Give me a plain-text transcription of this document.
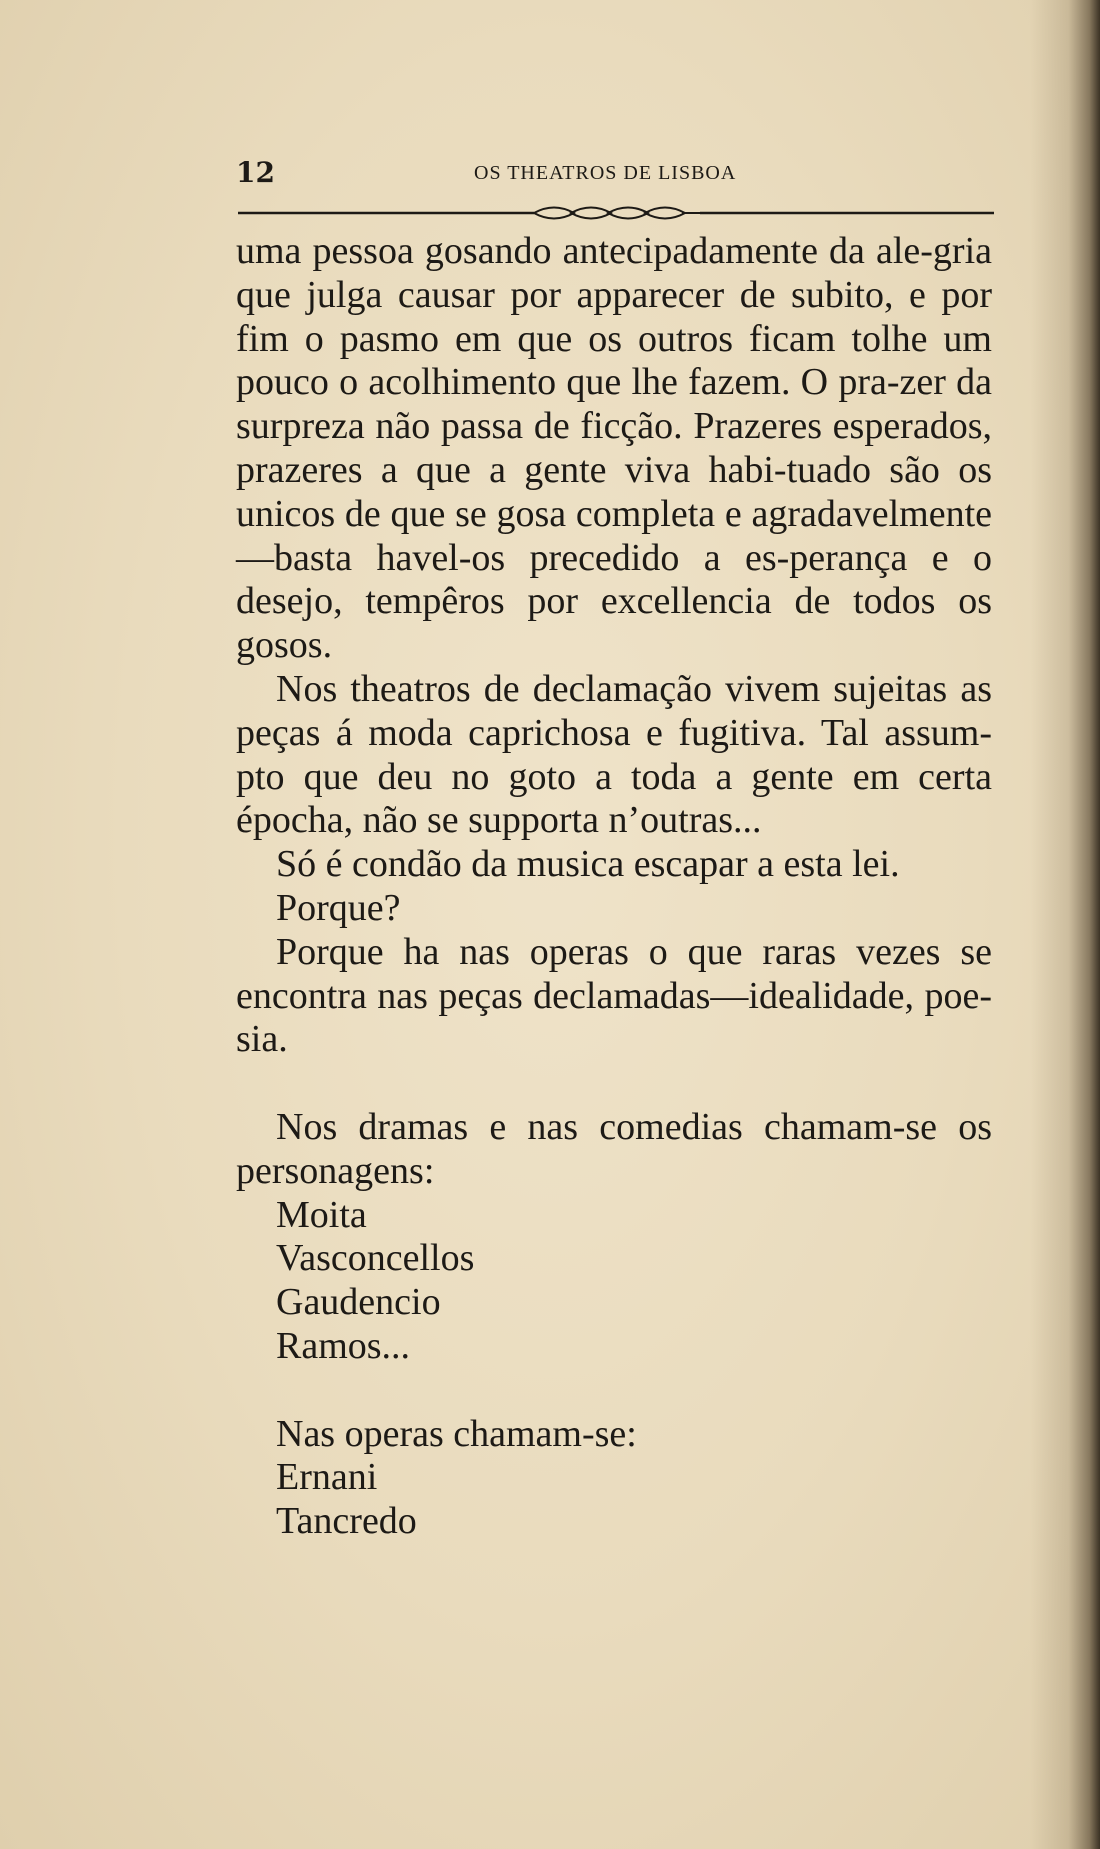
12	OS THEATROS DE LISBOA

uma pessoa gosando antecipadamente da ale-gria que julga causar por apparecer de subito, e por fim o pasmo em que os outros ficam tolhe um pouco o acolhimento que lhe fazem. O pra-zer da surpreza não passa de ficção. Prazeres esperados, prazeres a que a gente viva habi-tuado são os unicos de que se gosa completa e agradavelmente—basta havel-os precedido a es-perança e o desejo, tempêros por excellencia de todos os gosos.

Nos theatros de declamação vivem sujeitas as peças á moda caprichosa e fugitiva. Tal assum-pto que deu no goto a toda a gente em certa épocha, não se supporta n’outras...

Só é condão da musica escapar a esta lei.

Porque?

Porque ha nas operas o que raras vezes se encontra nas peças declamadas—idealidade, poe-sia.

Nos dramas e nas comedias chamam-se os personagens:

Moita
Vasconcellos
Gaudencio
Ramos...

Nas operas chamam-se:

Ernani
Tancredo
